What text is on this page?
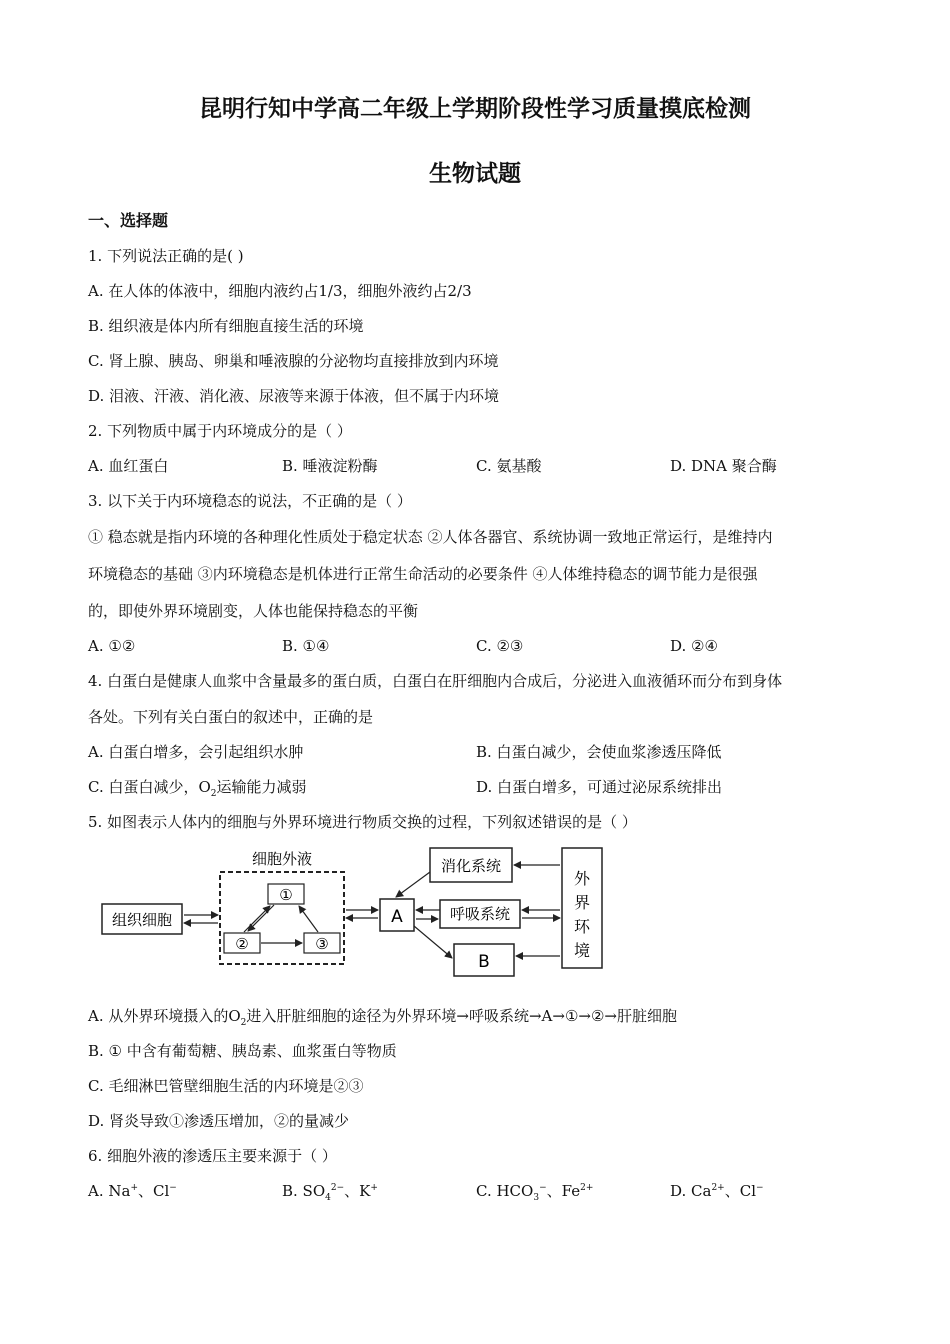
昆明行知中学高二年级上学期阶段性学习质量摸底检测
生物试题
一、选择题
1. 下列说法正确的是( )
A. 在人体的体液中，细胞内液约占1/3，细胞外液约占2/3
B. 组织液是体内所有细胞直接生活的环境
C. 肾上腺、胰岛、卵巢和唾液腺的分泌物均直接排放到内环境
D. 泪液、汗液、消化液、尿液等来源于体液，但不属于内环境
2. 下列物质中属于内环境成分的是（ ）
A. 血红蛋白	B. 唾液淀粉酶	C. 氨基酸	D. DNA 聚合酶
3. 以下关于内环境稳态的说法，不正确的是（ ）
① 稳态就是指内环境的各种理化性质处于稳定状态 ②人体各器官、系统协调一致地正常运行，是维持内
环境稳态的基础 ③内环境稳态是机体进行正常生命活动的必要条件 ④人体维持稳态的调节能力是很强
的，即使外界环境剧变，人体也能保持稳态的平衡
A. ①②	B. ①④	C. ②③	D. ②④
4. 白蛋白是健康人血浆中含量最多的蛋白质，白蛋白在肝细胞内合成后，分泌进入血液循环而分布到身体
各处。下列有关白蛋白的叙述中，正确的是
A. 白蛋白增多，会引起组织水肿	B. 白蛋白减少，会使血浆渗透压降低
C. 白蛋白减少，$O_2$运输能力减弱	D. 白蛋白增多，可通过泌尿系统排出
5. 如图表示人体内的细胞与外界环境进行物质交换的过程，下列叙述错误的是（ ）
组织细胞
细胞外液
①
②	③
A
消化系统
呼吸系统
B
外
界
环
境
A. 从外界环境摄入的$O_2$进入肝脏细胞的途径为外界环境→呼吸系统→A→①→②→肝脏细胞
B. ① 中含有葡萄糖、胰岛素、血浆蛋白等物质
C. 毛细淋巴管壁细胞生活的内环境是②③
D. 肾炎导致①渗透压增加，②的量减少
6. 细胞外液的渗透压主要来源于（ ）
A. Na+、Cl−	B. $SO_4^{2-}$、K+	C. $HCO_3^-$、$Fe^{2+}$	D. $Ca^{2+}$、Cl−
